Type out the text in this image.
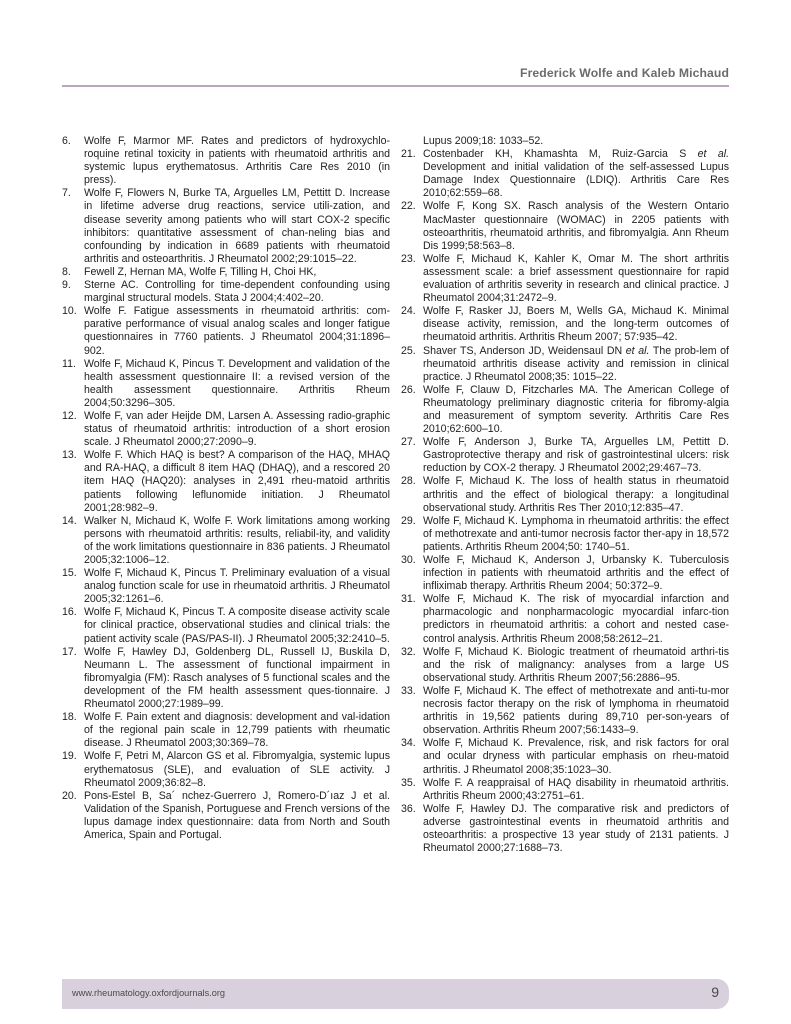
Frederick Wolfe and Kaleb Michaud
6.	Wolfe F, Marmor MF. Rates and predictors of hydroxychlo-roquine retinal toxicity in patients with rheumatoid arthritis and systemic lupus erythematosus. Arthritis Care Res 2010 (in press).
7.	Wolfe F, Flowers N, Burke TA, Arguelles LM, Pettitt D. Increase in lifetime adverse drug reactions, service utili-zation, and disease severity among patients who will start COX-2 specific inhibitors: quantitative assessment of chan-neling bias and confounding by indication in 6689 patients with rheumatoid arthritis and osteoarthritis. J Rheumatol 2002;29:1015–22.
8.	Fewell Z, Hernan MA, Wolfe F, Tilling H, Choi HK,
9.	Sterne AC. Controlling for time-dependent confounding using marginal structural models. Stata J 2004;4:402–20.
10. Wolfe F. Fatigue assessments in rheumatoid arthritis: com-parative performance of visual analog scales and longer fatigue questionnaires in 7760 patients. J Rheumatol 2004;31:1896–902.
11. Wolfe F, Michaud K, Pincus T. Development and validation of the health assessment questionnaire II: a revised version of the health assessment questionnaire. Arthritis Rheum 2004;50:3296–305.
12. Wolfe F, van ader Heijde DM, Larsen A. Assessing radio-graphic status of rheumatoid arthritis: introduction of a short erosion scale. J Rheumatol 2000;27:2090–9.
13. Wolfe F. Which HAQ is best? A comparison of the HAQ, MHAQ and RA-HAQ, a difficult 8 item HAQ (DHAQ), and a rescored 20 item HAQ (HAQ20): analyses in 2,491 rheu-matoid arthritis patients following leflunomide initiation. J Rheumatol 2001;28:982–9.
14. Walker N, Michaud K, Wolfe F. Work limitations among working persons with rheumatoid arthritis: results, reliabil-ity, and validity of the work limitations questionnaire in 836 patients. J Rheumatol 2005;32:1006–12.
15. Wolfe F, Michaud K, Pincus T. Preliminary evaluation of a visual analog function scale for use in rheumatoid arthritis. J Rheumatol 2005;32:1261–6.
16. Wolfe F, Michaud K, Pincus T. A composite disease activity scale for clinical practice, observational studies and clinical trials: the patient activity scale (PAS/PAS-II). J Rheumatol 2005;32:2410–5.
17. Wolfe F, Hawley DJ, Goldenberg DL, Russell IJ, Buskila D, Neumann L. The assessment of functional impairment in fibromyalgia (FM): Rasch analyses of 5 functional scales and the development of the FM health assessment ques-tionnaire. J Rheumatol 2000;27:1989–99.
18. Wolfe F. Pain extent and diagnosis: development and val-idation of the regional pain scale in 12,799 patients with rheumatic disease. J Rheumatol 2003;30:369–78.
19. Wolfe F, Petri M, Alarcon GS et al. Fibromyalgia, systemic lupus erythematosus (SLE), and evaluation of SLE activity. J Rheumatol 2009;36:82–8.
20. Pons-Estel B, Sa´ nchez-Guerrero J, Romero-D´ıaz J et al. Validation of the Spanish, Portuguese and French versions of the lupus damage index questionnaire: data from North and South America, Spain and Portugal.
Lupus 2009;18: 1033–52.
21. Costenbader KH, Khamashta M, Ruiz-Garcia S et al. Development and initial validation of the self-assessed Lupus Damage Index Questionnaire (LDIQ). Arthritis Care Res 2010;62:559–68.
22. Wolfe F, Kong SX. Rasch analysis of the Western Ontario MacMaster questionnaire (WOMAC) in 2205 patients with osteoarthritis, rheumatoid arthritis, and fibromyalgia. Ann Rheum Dis 1999;58:563–8.
23. Wolfe F, Michaud K, Kahler K, Omar M. The short arthritis assessment scale: a brief assessment questionnaire for rapid evaluation of arthritis severity in research and clinical practice. J Rheumatol 2004;31:2472–9.
24. Wolfe F, Rasker JJ, Boers M, Wells GA, Michaud K. Minimal disease activity, remission, and the long-term outcomes of rheumatoid arthritis. Arthritis Rheum 2007; 57:935–42.
25. Shaver TS, Anderson JD, Weidensaul DN et al. The prob-lem of rheumatoid arthritis disease activity and remission in clinical practice. J Rheumatol 2008;35: 1015–22.
26. Wolfe F, Clauw D, Fitzcharles MA. The American College of Rheumatology preliminary diagnostic criteria for fibromy-algia and measurement of symptom severity. Arthritis Care Res 2010;62:600–10.
27. Wolfe F, Anderson J, Burke TA, Arguelles LM, Pettitt D. Gastroprotective therapy and risk of gastrointestinal ulcers: risk reduction by COX-2 therapy. J Rheumatol 2002;29:467–73.
28. Wolfe F, Michaud K. The loss of health status in rheumatoid arthritis and the effect of biological therapy: a longitudinal observational study. Arthritis Res Ther 2010;12:835–47.
29. Wolfe F, Michaud K. Lymphoma in rheumatoid arthritis: the effect of methotrexate and anti-tumor necrosis factor ther-apy in 18,572 patients. Arthritis Rheum 2004;50: 1740–51.
30. Wolfe F, Michaud K, Anderson J, Urbansky K. Tuberculosis infection in patients with rheumatoid arthritis and the effect of infliximab therapy. Arthritis Rheum 2004; 50:372–9.
31. Wolfe F, Michaud K. The risk of myocardial infarction and pharmacologic and nonpharmacologic myocardial infarc-tion predictors in rheumatoid arthritis: a cohort and nested case-control analysis. Arthritis Rheum 2008;58:2612–21.
32. Wolfe F, Michaud K. Biologic treatment of rheumatoid arthri-tis and the risk of malignancy: analyses from a large US observational study. Arthritis Rheum 2007;56:2886–95.
33. Wolfe F, Michaud K. The effect of methotrexate and anti-tu-mor necrosis factor therapy on the risk of lymphoma in rheumatoid arthritis in 19,562 patients during 89,710 per-son-years of observation. Arthritis Rheum 2007;56:1433–9.
34. Wolfe F, Michaud K. Prevalence, risk, and risk factors for oral and ocular dryness with particular emphasis on rheu-matoid arthritis. J Rheumatol 2008;35:1023–30.
35. Wolfe F. A reappraisal of HAQ disability in rheumatoid arthritis. Arthritis Rheum 2000;43:2751–61.
36. Wolfe F, Hawley DJ. The comparative risk and predictors of adverse gastrointestinal events in rheumatoid arthritis and osteoarthritis: a prospective 13 year study of 2131 patients. J Rheumatol 2000;27:1688–73.
www.rheumatology.oxfordjournals.org	9
